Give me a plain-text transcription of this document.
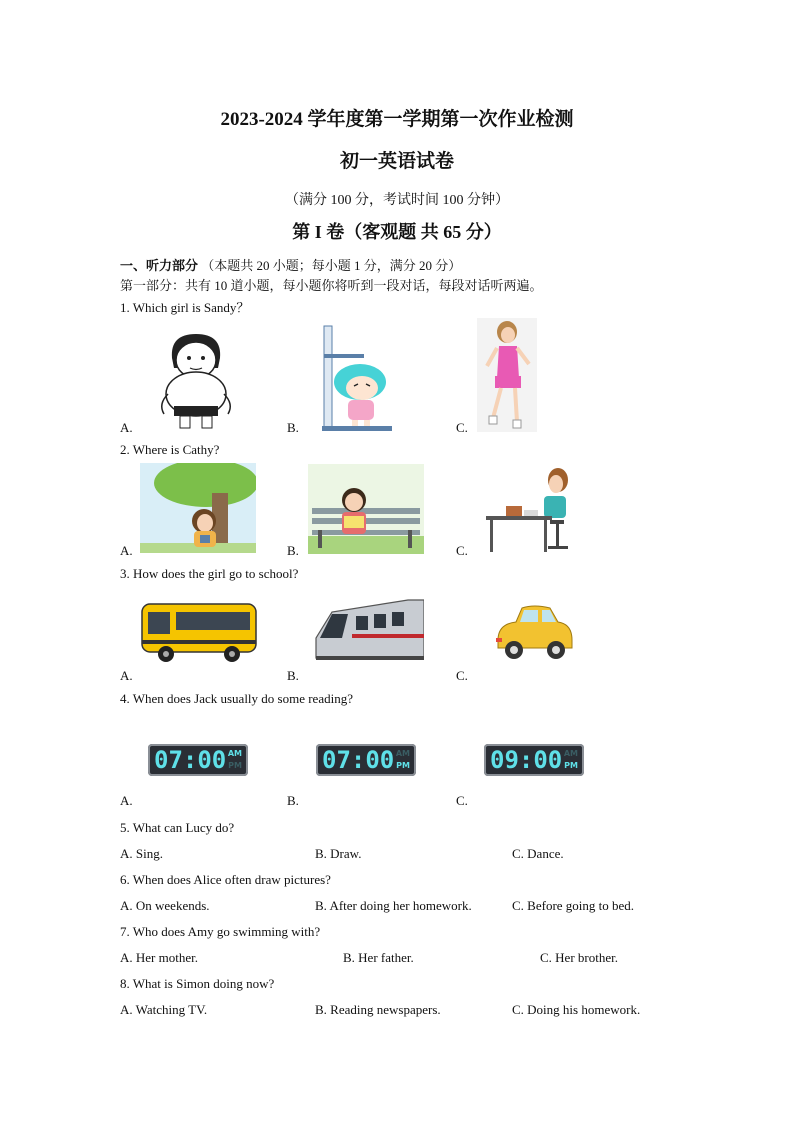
2023-2024 学年度第一学期第一次作业检测
初一英语试卷
（满分 100 分，考试时间 100 分钟）
第 I 卷（客观题 共 65 分）
一、听力部分 （本题共 20 小题；每小题 1 分，满分 20 分）
第一部分：共有 10 道小题，每小题你将听到一段对话，每段对话听两遍。
1. Which girl is Sandy？
A.	B.	C.
2. Where is Cathy?
A.	B.	C.
3. How does the girl go to school?
A.	B.	C.
4. When does Jack usually do some reading?
07:00 AM
PM
A.
07:00 AM
PM
B.
09:00 AM
PM
C.
5. What can Lucy do?
A. Sing.	B. Draw.	C. Dance.
6. When does Alice often draw pictures?
A. On weekends.	B. After doing her homework.	C. Before going to bed.
7. Who does Amy go swimming with?
A. Her mother.	B. Her father.	C. Her brother.
8. What is Simon doing now?
A. Watching TV.	B. Reading newspapers.	C. Doing his homework.
